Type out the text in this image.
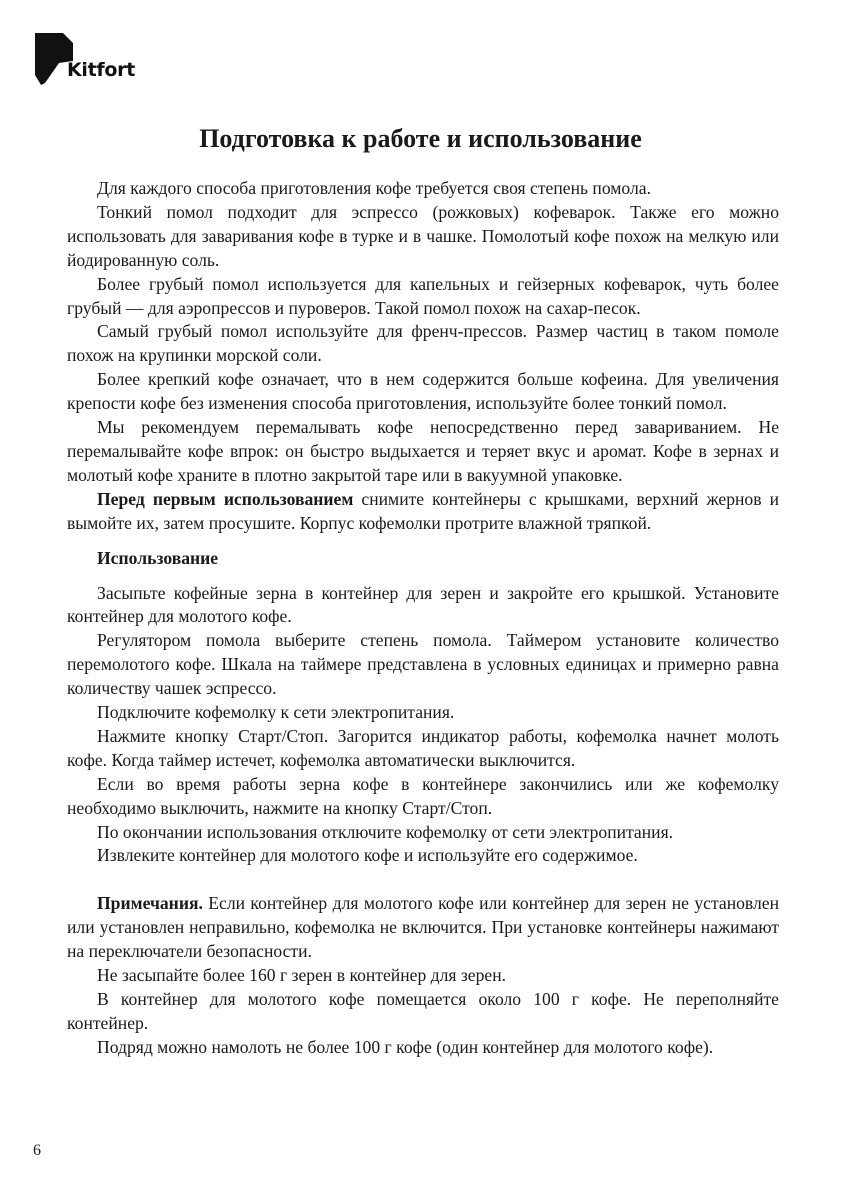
Kitfort
Подготовка к работе и использование

Для каждого способа приготовления кофе требуется своя степень помола.

Тонкий помол подходит для эспрессо (рожковых) кофеварок. Также его можно использовать для заваривания кофе в турке и в чашке. Помолотый кофе похож на мелкую или йодированную соль.

Более грубый помол используется для капельных и гейзерных кофеварок, чуть более грубый — для аэропрессов и пуроверов. Такой помол похож на сахар-песок.

Самый грубый помол используйте для френч-прессов. Размер частиц в таком помоле похож на крупинки морской соли.

Более крепкий кофе означает, что в нем содержится больше кофеина. Для увеличения крепости кофе без изменения способа приготовления, используйте более тонкий помол.

Мы рекомендуем перемалывать кофе непосредственно перед завариванием. Не перемалывайте кофе впрок: он быстро выдыхается и теряет вкус и аромат. Кофе в зернах и молотый кофе храните в плотно закрытой таре или в вакуумной упаковке.

Перед первым использованием снимите контейнеры с крышками, верхний жернов и вымойте их, затем просушите. Корпус кофемолки протрите влажной тряпкой.

Использование

Засыпьте кофейные зерна в контейнер для зерен и закройте его крышкой. Установите контейнер для молотого кофе.

Регулятором помола выберите степень помола. Таймером установите количество перемолотого кофе. Шкала на таймере представлена в условных единицах и примерно равна количеству чашек эспрессо.

Подключите кофемолку к сети электропитания.

Нажмите кнопку Старт/Стоп. Загорится индикатор работы, кофемолка начнет молоть кофе. Когда таймер истечет, кофемолка автоматически выключится.

Если во время работы зерна кофе в контейнере закончились или же кофемолку необходимо выключить, нажмите на кнопку Старт/Стоп.

По окончании использования отключите кофемолку от сети электропитания.

Извлеките контейнер для молотого кофе и используйте его содержимое.

Примечания. Если контейнер для молотого кофе или контейнер для зерен не установлен или установлен неправильно, кофемолка не включится. При установке контейнеры нажимают на переключатели безопасности.

Не засыпайте более 160 г зерен в контейнер для зерен.

В контейнер для молотого кофе помещается около 100 г кофе. Не переполняйте контейнер.

Подряд можно намолоть не более 100 г кофе (один контейнер для молотого кофе).

6
